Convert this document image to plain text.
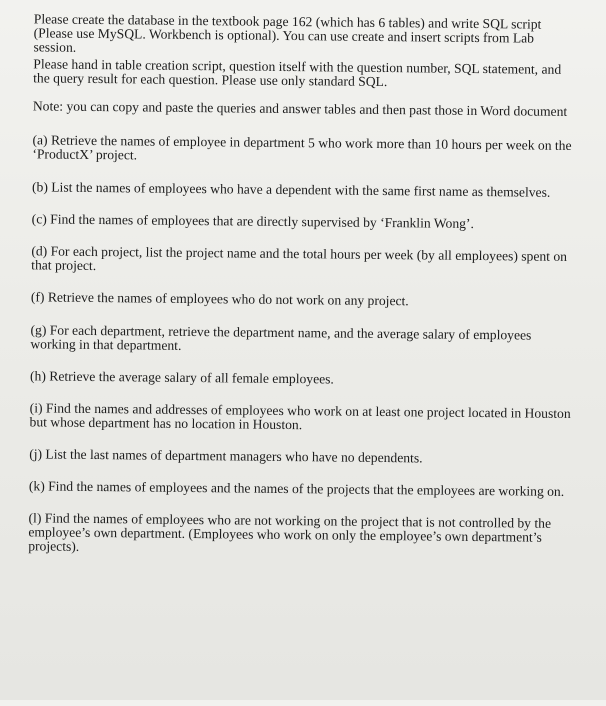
Please create the database in the textbook page 162 (which has 6 tables) and write SQL script (Please use MySQL. Workbench is optional). You can use create and insert scripts from Lab session.

Please hand in table creation script, question itself with the question number, SQL statement, and the query result for each question. Please use only standard SQL.

Note: you can copy and paste the queries and answer tables and then past those in Word document

(a) Retrieve the names of employee in department 5 who work more than 10 hours per week on the ‘ProductX’ project.

(b) List the names of employees who have a dependent with the same first name as themselves.

(c) Find the names of employees that are directly supervised by ‘Franklin Wong’.

(d) For each project, list the project name and the total hours per week (by all employees) spent on that project.

(f) Retrieve the names of employees who do not work on any project.

(g) For each department, retrieve the department name, and the average salary of employees working in that department.

(h) Retrieve the average salary of all female employees.

(i) Find the names and addresses of employees who work on at least one project located in Houston but whose department has no location in Houston.

(j) List the last names of department managers who have no dependents.

(k) Find the names of employees and the names of the projects that the employees are working on.

(l) Find the names of employees who are not working on the project that is not controlled by the employee’s own department. (Employees who work on only the employee’s own department’s projects).
